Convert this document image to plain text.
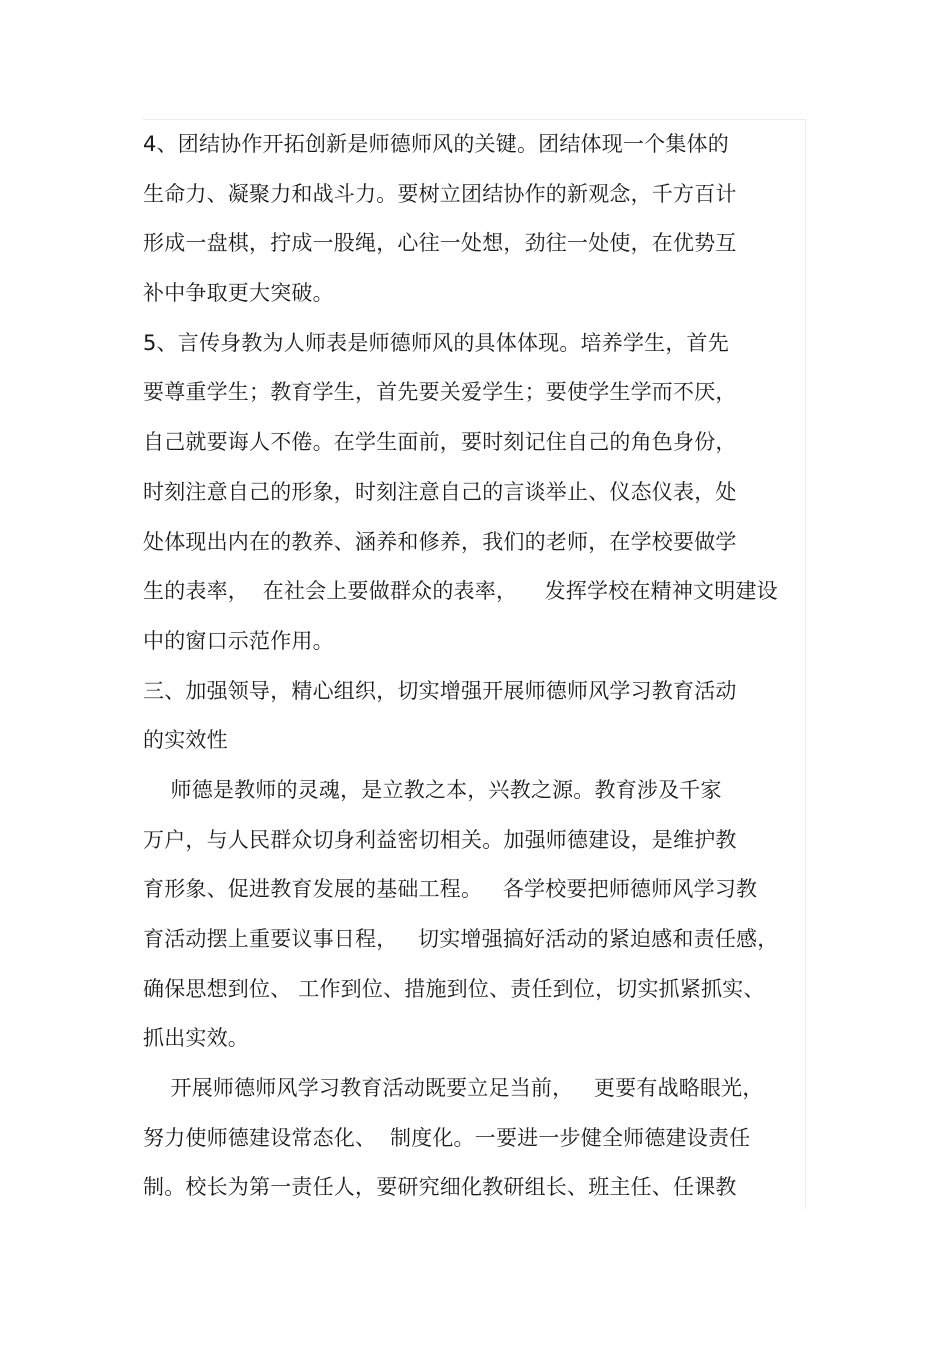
4、团结协作开拓创新是师德师风的关键。团结体现一个集体的
生命力、凝聚力和战斗力。要树立团结协作的新观念，千方百计
形成一盘棋，拧成一股绳，心往一处想，劲往一处使，在优势互
补中争取更大突破。
5、言传身教为人师表是师德师风的具体体现。培养学生，首先
要尊重学生；教育学生，首先要关爱学生；要使学生学而不厌，
自己就要诲人不倦。在学生面前，要时刻记住自己的角色身份，
时刻注意自己的形象，时刻注意自己的言谈举止、仪态仪表，处
处体现出内在的教养、涵养和修养，我们的老师，在学校要做学
生的表率，  在社会上要做群众的表率，    发挥学校在精神文明建设
中的窗口示范作用。
三、加强领导，精心组织，切实增强开展师德师风学习教育活动
的实效性
师德是教师的灵魂，是立教之本，兴教之源。教育涉及千家
万户，与人民群众切身利益密切相关。加强师德建设，是维护教
育形象、促进教育发展的基础工程。   各学校要把师德师风学习教
育活动摆上重要议事日程，   切实增强搞好活动的紧迫感和责任感，
确保思想到位、 工作到位、措施到位、责任到位，切实抓紧抓实、
抓出实效。
开展师德师风学习教育活动既要立足当前，   更要有战略眼光，
努力使师德建设常态化、  制度化。一要进一步健全师德建设责任
制。校长为第一责任人，要研究细化教研组长、班主任、任课教
